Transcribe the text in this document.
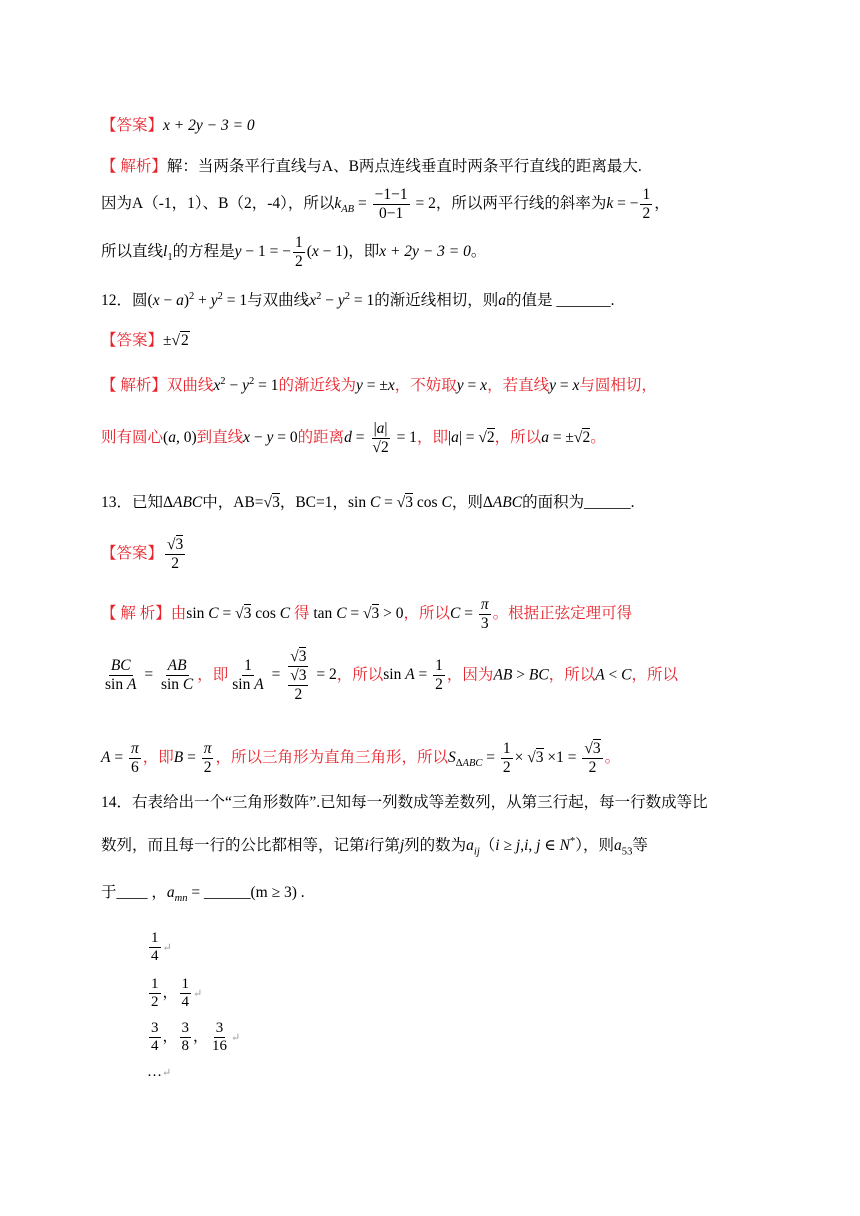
【答案】x + 2y − 3 = 0
【 解析】解：当两条平行直线与A、B两点连线垂直时两条平行直线的距离最大.
因为A（-1，1）、B（2，-4），所以$k_{AB} = \frac{-1-1}{0-1} = 2$，所以两平行线的斜率为k = − $\frac{1}{2}$ ，
所以直线$l_1$的方程是y − 1 = − $\frac{1}{2} (x - 1)$，即x + 2y − 3 = 0。
12．圆$(x - a)^2 + y^2 = 1$与双曲线$x^2 - y^2 = 1$的渐近线相切，则a的值是 _______.
【答案】±√2
【 解析】双曲线$x^2 - y^2 = 1$的渐近线为y = ±x，不妨取y = x，若直线y = x与圆相切，
则有圆心(a, 0)到直线x − y = 0的距离$d = \frac{|a|}{√2} = 1$，即|a| = √2，所以a = ±√2。
13．已知ΔABC中，AB=√3，BC=1，sin C = √3 cos C，则ΔABC的面积为______.
【答案】 $\frac{√3}{2}$
【 解 析】由sin C = √3 cos C 得 tan C = √3 > 0，所以$C = \frac{\pi}{3}$ 。根据正弦定理可得
$\frac{BC}{\text{sin A}} = \frac{AB}{\text{sin C}}$ ，即 $\frac{1}{\text{sin A}} = \frac{√3}{\frac{√3}{2}} = 2$，所以$\sin A = \frac{1}{2}$ ，因为AB > BC，所以A < C，所以
$A = \frac{\pi}{6}$ ，即$B = \frac{\pi}{2}$ ，所以三角形为直角三角形，所以$S_{\Delta ABC} = \frac{1}{2} \times √3 \times 1 = \frac{√3}{2}$ 。
14．右表给出一个“三角形数阵”.已知每一列数成等差数列，从第三行起，每一行数成等比
数列，而且每一行的公比都相等，记第i行第j列的数为$a_{ij}(i \ge j,i$, j ∈ N*），则$a_{53}$等
于____ ，$a_{mn}$ = ______(m ≥ 3) .
$\frac{1}{4}$ ↵
$\frac{1}{2}$ ， $\frac{1}{4}$ ↵
$\frac{3}{4}$ ， $\frac{3}{8}$ ， $\frac{3}{16}$ ↵
…↵
